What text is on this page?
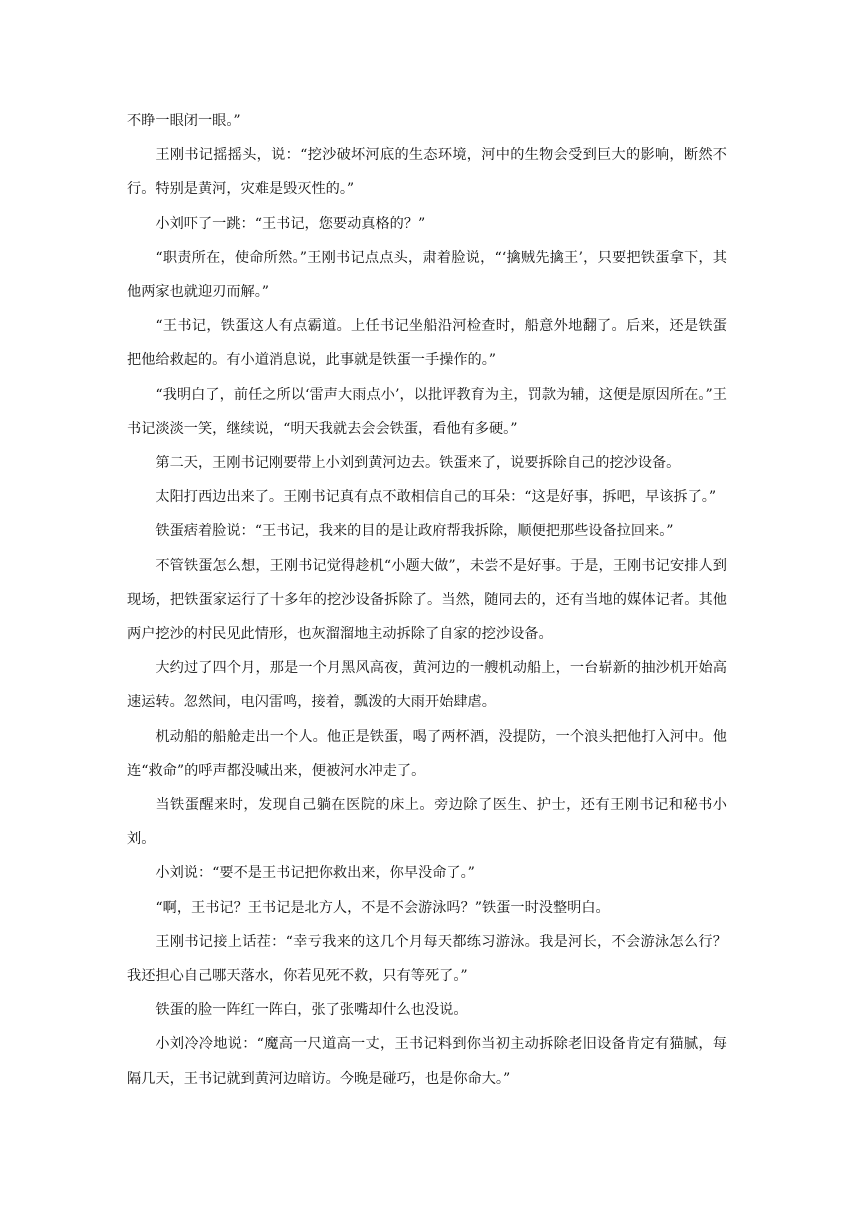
不睁一眼闭一眼。”

王刚书记摇摇头，说：“挖沙破坏河底的生态环境，河中的生物会受到巨大的影响，断然不行。特别是黄河，灾难是毁灭性的。”

小刘吓了一跳：“王书记，您要动真格的？”

“职责所在，使命所然。”王刚书记点点头，肃着脸说，“‘擒贼先擒王’，只要把铁蛋拿下，其他两家也就迎刃而解。”

“王书记，铁蛋这人有点霸道。上任书记坐船沿河检查时，船意外地翻了。后来，还是铁蛋把他给救起的。有小道消息说，此事就是铁蛋一手操作的。”

“我明白了，前任之所以‘雷声大雨点小’，以批评教育为主，罚款为辅，这便是原因所在。”王书记淡淡一笑，继续说，“明天我就去会会铁蛋，看他有多硬。”

第二天，王刚书记刚要带上小刘到黄河边去。铁蛋来了，说要拆除自己的挖沙设备。

太阳打西边出来了。王刚书记真有点不敢相信自己的耳朵：“这是好事，拆吧，早该拆了。”

铁蛋痞着脸说：“王书记，我来的目的是让政府帮我拆除，顺便把那些设备拉回来。”

不管铁蛋怎么想，王刚书记觉得趁机“小题大做”，未尝不是好事。于是，王刚书记安排人到现场，把铁蛋家运行了十多年的挖沙设备拆除了。当然，随同去的，还有当地的媒体记者。其他两户挖沙的村民见此情形，也灰溜溜地主动拆除了自家的挖沙设备。

大约过了四个月，那是一个月黑风高夜，黄河边的一艘机动船上，一台崭新的抽沙机开始高速运转。忽然间，电闪雷鸣，接着，瓢泼的大雨开始肆虐。

机动船的船舱走出一个人。他正是铁蛋，喝了两杯酒，没提防，一个浪头把他打入河中。他连“救命”的呼声都没喊出来，便被河水冲走了。

当铁蛋醒来时，发现自己躺在医院的床上。旁边除了医生、护士，还有王刚书记和秘书小刘。

小刘说：“要不是王书记把你救出来，你早没命了。”

“啊，王书记？王书记是北方人，不是不会游泳吗？”铁蛋一时没整明白。

王刚书记接上话茬：“幸亏我来的这几个月每天都练习游泳。我是河长，不会游泳怎么行？我还担心自己哪天落水，你若见死不救，只有等死了。”

铁蛋的脸一阵红一阵白，张了张嘴却什么也没说。

小刘冷冷地说：“魔高一尺道高一丈，王书记料到你当初主动拆除老旧设备肯定有猫腻，每隔几天，王书记就到黄河边暗访。今晚是碰巧，也是你命大。”
